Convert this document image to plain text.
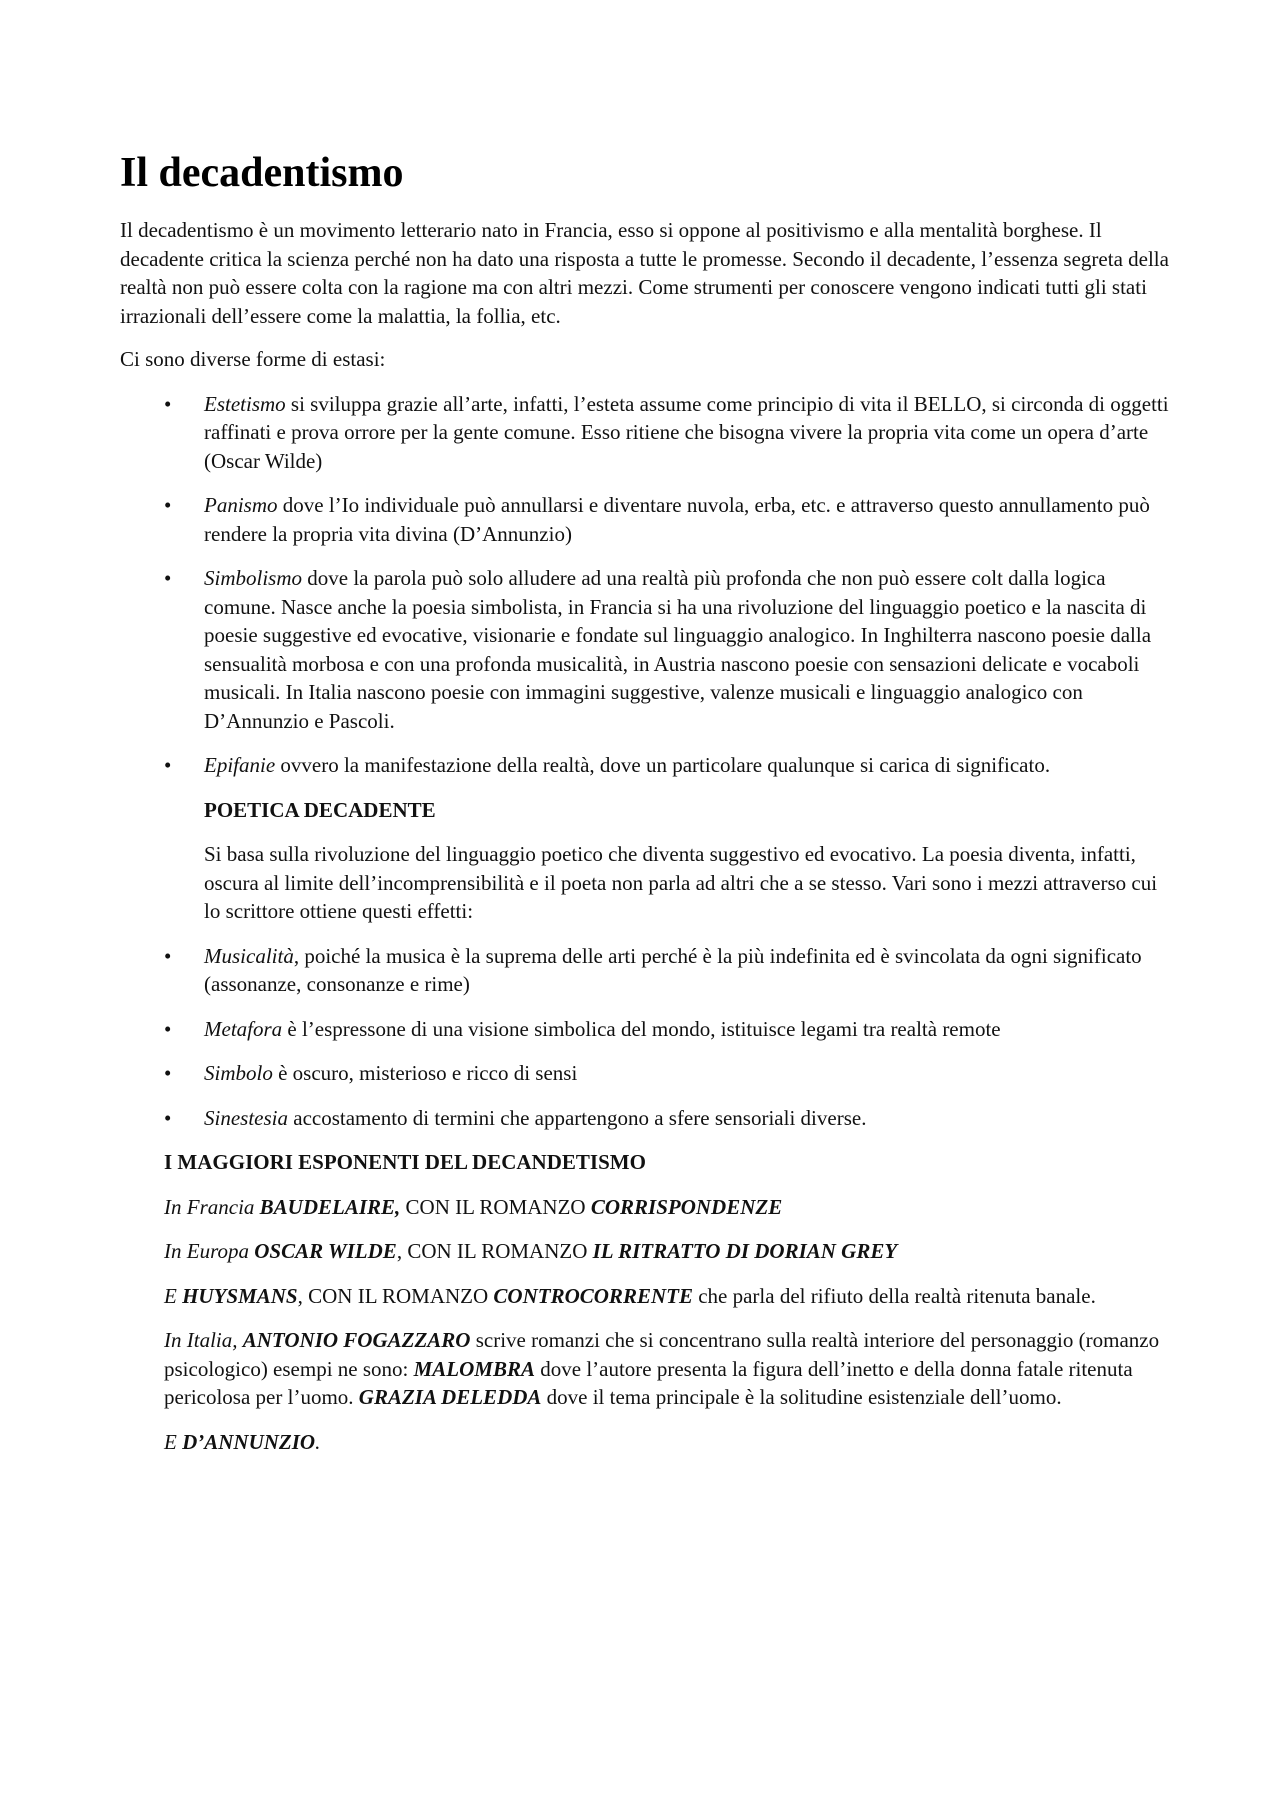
Il decadentismo

Il decadentismo è un movimento letterario nato in Francia, esso si oppone al positivismo e alla mentalità borghese. Il decadente critica la scienza perché non ha dato una risposta a tutte le promesse. Secondo il decadente, l’essenza segreta della realtà non può essere colta con la ragione ma con altri mezzi. Come strumenti per conoscere vengono indicati tutti gli stati irrazionali dell’essere come la malattia, la follia, etc.

Ci sono diverse forme di estasi:

• Estetismo si sviluppa grazie all’arte, infatti, l’esteta assume come principio di vita il BELLO, si circonda di oggetti raffinati e prova orrore per la gente comune. Esso ritiene che bisogna vivere la propria vita come un opera d’arte (Oscar Wilde)
• Panismo dove l’Io individuale può annullarsi e diventare nuvola, erba, etc. e attraverso questo annullamento può rendere la propria vita divina (D’Annunzio)
• Simbolismo dove la parola può solo alludere ad una realtà più profonda che non può essere colt dalla logica comune. Nasce anche la poesia simbolista, in Francia si ha una rivoluzione del linguaggio poetico e la nascita di poesie suggestive ed evocative, visionarie e fondate sul linguaggio analogico. In Inghilterra nascono poesie dalla sensualità morbosa e con una profonda musicalità, in Austria nascono poesie con sensazioni delicate e vocaboli musicali. In Italia nascono poesie con immagini suggestive, valenze musicali e linguaggio analogico con D’Annunzio e Pascoli.
• Epifanie ovvero la manifestazione della realtà, dove un particolare qualunque si carica di significato.

POETICA DECADENTE

Si basa sulla rivoluzione del linguaggio poetico che diventa suggestivo ed evocativo. La poesia diventa, infatti, oscura al limite dell’incomprensibilità e il poeta non parla ad altri che a se stesso. Vari sono i mezzi attraverso cui lo scrittore ottiene questi effetti:

• Musicalità, poiché la musica è la suprema delle arti perché è la più indefinita ed è svincolata da ogni significato (assonanze, consonanze e rime)
• Metafora è l’espressone di una visione simbolica del mondo, istituisce legami tra realtà remote
• Simbolo è oscuro, misterioso e ricco di sensi
• Sinestesia accostamento di termini che appartengono a sfere sensoriali diverse.

I MAGGIORI ESPONENTI DEL DECANDETISMO

In Francia BAUDELAIRE, CON IL ROMANZO CORRISPONDENZE

In Europa OSCAR WILDE, CON IL ROMANZO IL RITRATTO DI DORIAN GREY

E HUYSMANS, CON IL ROMANZO CONTROCORRENTE che parla del rifiuto della realtà ritenuta banale.

In Italia, ANTONIO FOGAZZARO scrive romanzi che si concentrano sulla realtà interiore del personaggio (romanzo psicologico) esempi ne sono: MALOMBRA dove l’autore presenta la figura dell’inetto e della donna fatale ritenuta pericolosa per l’uomo. GRAZIA DELEDDA dove il tema principale è la solitudine esistenziale dell’uomo.

E D’ANNUNZIO.
